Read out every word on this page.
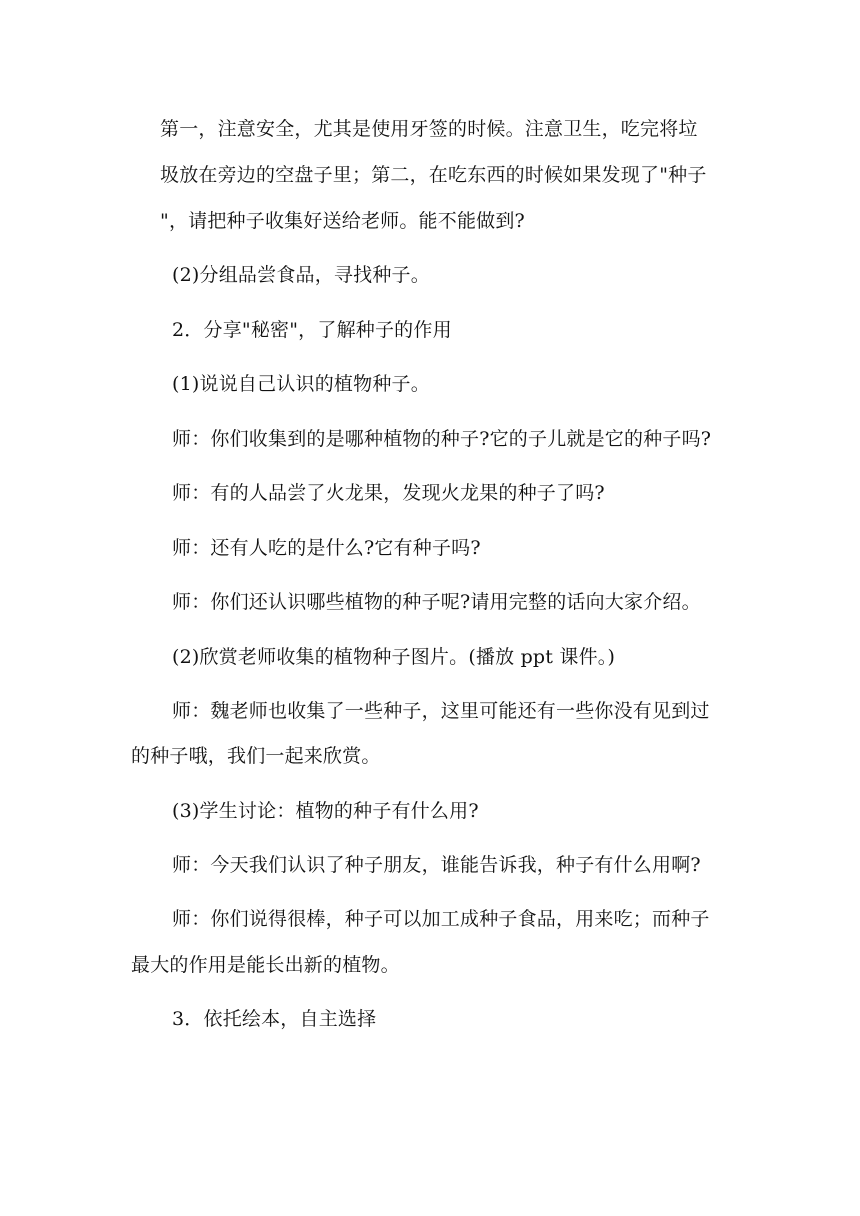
第一，注意安全，尤其是使用牙签的时候。注意卫生，吃完将垃
圾放在旁边的空盘子里；第二，在吃东西的时候如果发现了"种子
"，请把种子收集好送给老师。能不能做到?
(2)分组品尝食品，寻找种子。
2．分享"秘密"，了解种子的作用
(1)说说自己认识的植物种子。
师：你们收集到的是哪种植物的种子?它的子儿就是它的种子吗?
师：有的人品尝了火龙果，发现火龙果的种子了吗?
师：还有人吃的是什么?它有种子吗?
师：你们还认识哪些植物的种子呢?请用完整的话向大家介绍。
(2)欣赏老师收集的植物种子图片。(播放 ppt 课件。)
师：魏老师也收集了一些种子，这里可能还有一些你没有见到过
的种子哦，我们一起来欣赏。
(3)学生讨论：植物的种子有什么用?
师：今天我们认识了种子朋友，谁能告诉我，种子有什么用啊?
师：你们说得很棒，种子可以加工成种子食品，用来吃；而种子
最大的作用是能长出新的植物。
3．依托绘本，自主选择
